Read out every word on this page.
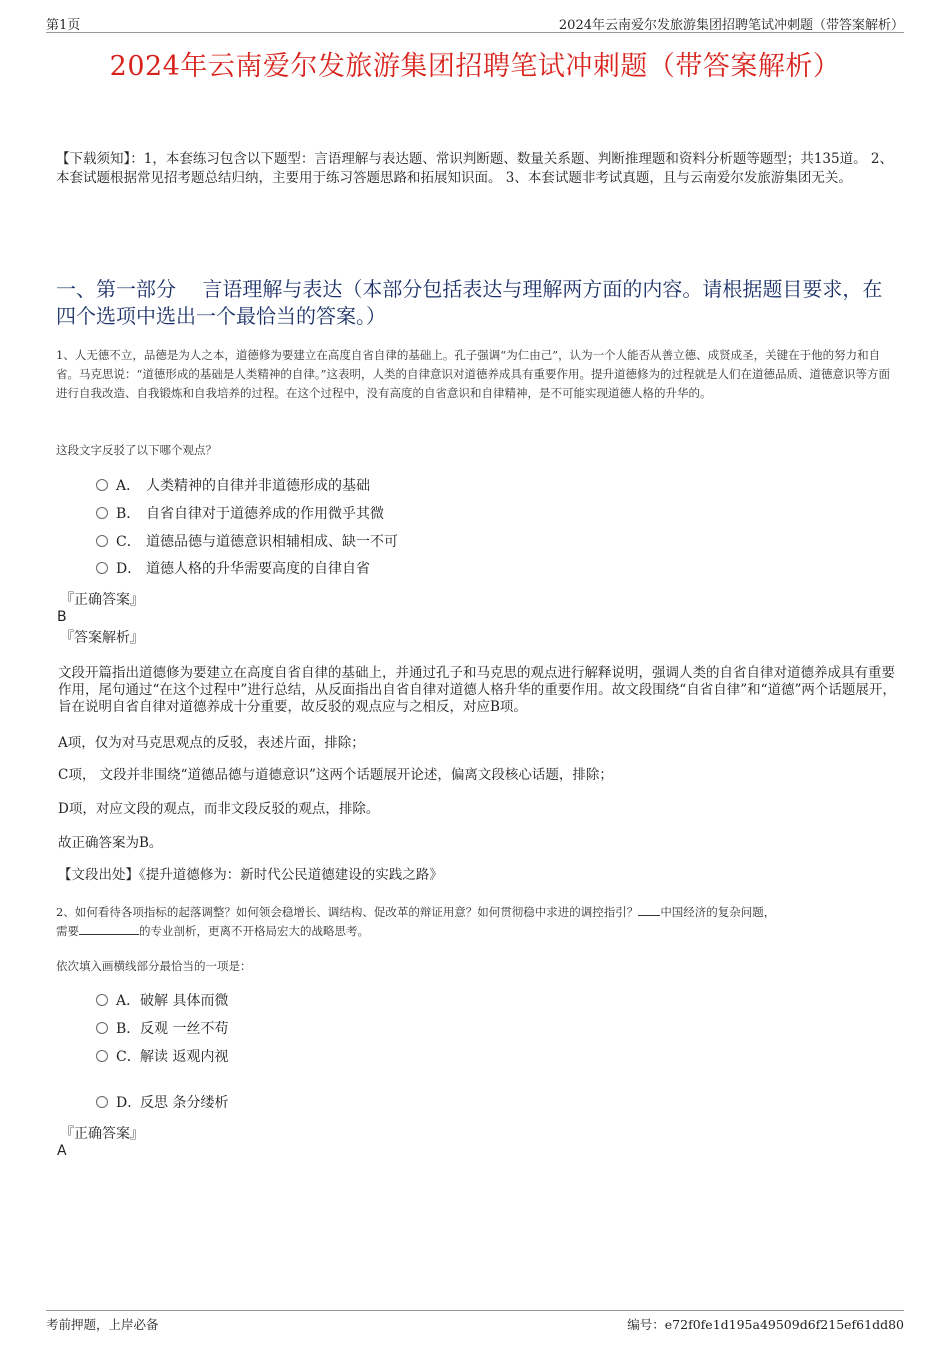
第1页	2024年云南爱尔发旅游集团招聘笔试冲刺题（带答案解析）
2024年云南爱尔发旅游集团招聘笔试冲刺题（带答案解析）
【下载须知】：1，本套练习包含以下题型：言语理解与表达题、常识判断题、数量关系题、判断推理题和资料分析题等题型；共135道。 2、本套试题根据常见招考题总结归纳，主要用于练习答题思路和拓展知识面。 3、本套试题非考试真题，且与云南爱尔发旅游集团无关。
一、第一部分　 言语理解与表达（本部分包括表达与理解两方面的内容。请根据题目要求，在四个选项中选出一个最恰当的答案。）
1、人无德不立，品德是为人之本，道德修为要建立在高度自省自律的基础上。孔子强调“为仁由己”，认为一个人能否从善立德、成贤成圣，关键在于他的努力和自省。马克思说：“道德形成的基础是人类精神的自律。”这表明，人类的自律意识对道德养成具有重要作用。提升道德修为的过程就是人们在道德品质、道德意识等方面进行自我改造、自我锻炼和自我培养的过程。在这个过程中，没有高度的自省意识和自律精神，是不可能实现道德人格的升华的。
这段文字反驳了以下哪个观点？
A． 人类精神的自律并非道德形成的基础
B． 自省自律对于道德养成的作用微乎其微
C． 道德品德与道德意识相辅相成、缺一不可
D． 道德人格的升华需要高度的自律自省
『正确答案』
B
『答案解析』
文段开篇指出道德修为要建立在高度自省自律的基础上，并通过孔子和马克思的观点进行解释说明，强调人类的自省自律对道德养成具有重要作用，尾句通过“在这个过程中”进行总结，从反面指出自省自律对道德人格升华的重要作用。故文段围绕“自省自律”和“道德”两个话题展开，旨在说明自省自律对道德养成十分重要，故反驳的观点应与之相反，对应B项。
A项，仅为对马克思观点的反驳，表述片面，排除；
C项， 文段并非围绕“道德品德与道德意识”这两个话题展开论述，偏离文段核心话题，排除；
D项，对应文段的观点，而非文段反驳的观点，排除。
故正确答案为B。
【文段出处】《提升道德修为：新时代公民道德建设的实践之路》
2、如何看待各项指标的起落调整？如何领会稳增长、调结构、促改革的辩证用意？如何贯彻稳中求进的调控指引？ 中国经济的复杂问题，
需要	的专业剖析，更离不开格局宏大的战略思考。
依次填入画横线部分最恰当的一项是：
A．破解 具体而微
B．反观 一丝不苟
C．解读 返观内视
D．反思 条分缕析
『正确答案』
A
考前押题，上岸必备	编号：e72f0fe1d195a49509d6f215ef61dd80
